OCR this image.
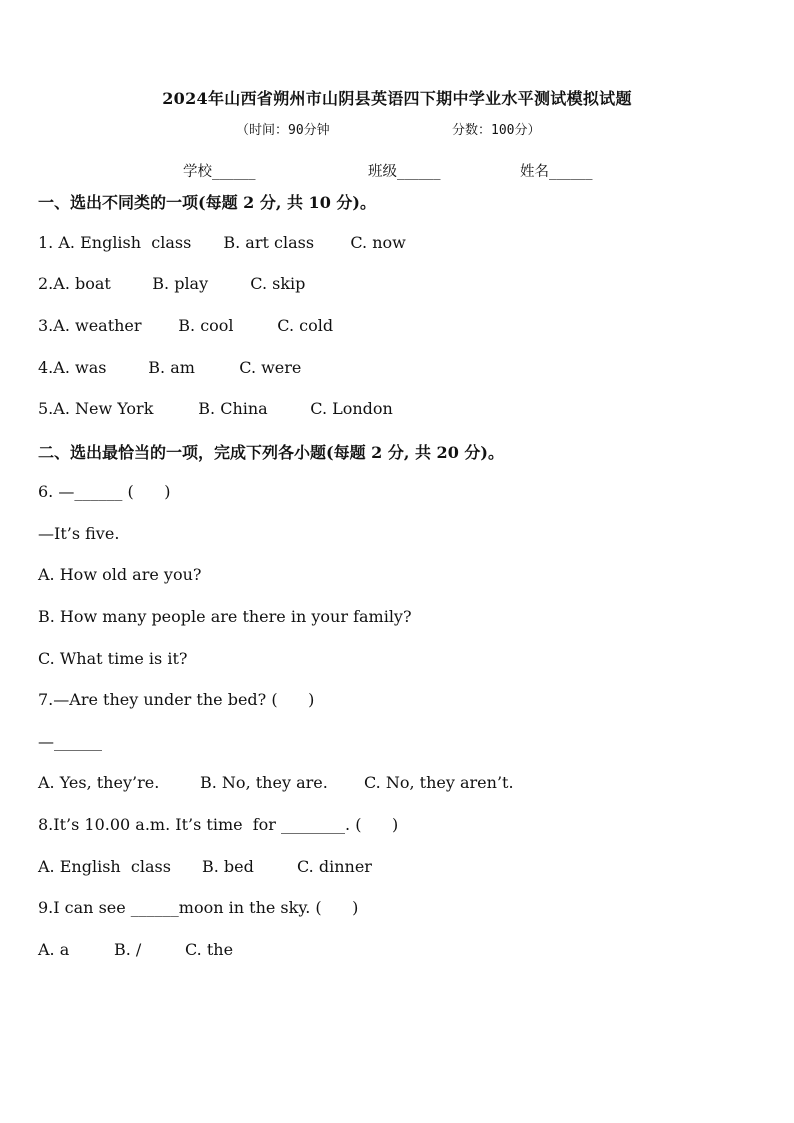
2024年山西省朔州市山阴县英语四下期中学业水平测试模拟试题
（时间：90分钟	分数：100分）
学校______	班级______	姓名______
一、选出不同类的一项(每题 2 分, 共 10 分)。
1. A. English  class B. art class C. now
2.A. boat	B. play	C. skip
3.A. weather B. cool	C. cold
4.A. was	B. am	C. were
5.A. New York	B. China	C. London
二、选出最恰当的一项，完成下列各小题(每题 2 分, 共 20 分)。
6. —______ (      )
—It’s five.
A. How old are you?
B. How many people are there in your family?
C. What time is it?
7.—Are they under the bed? (      )
—______
A. Yes, they’re.	B. No, they are. C. No, they aren’t.
8.It’s 10.00 a.m. It’s time  for ________. (      )
A. English  class B. bed	C. dinner
9.I can see ______moon in the sky. (      )
A. a	B. /	C. the
